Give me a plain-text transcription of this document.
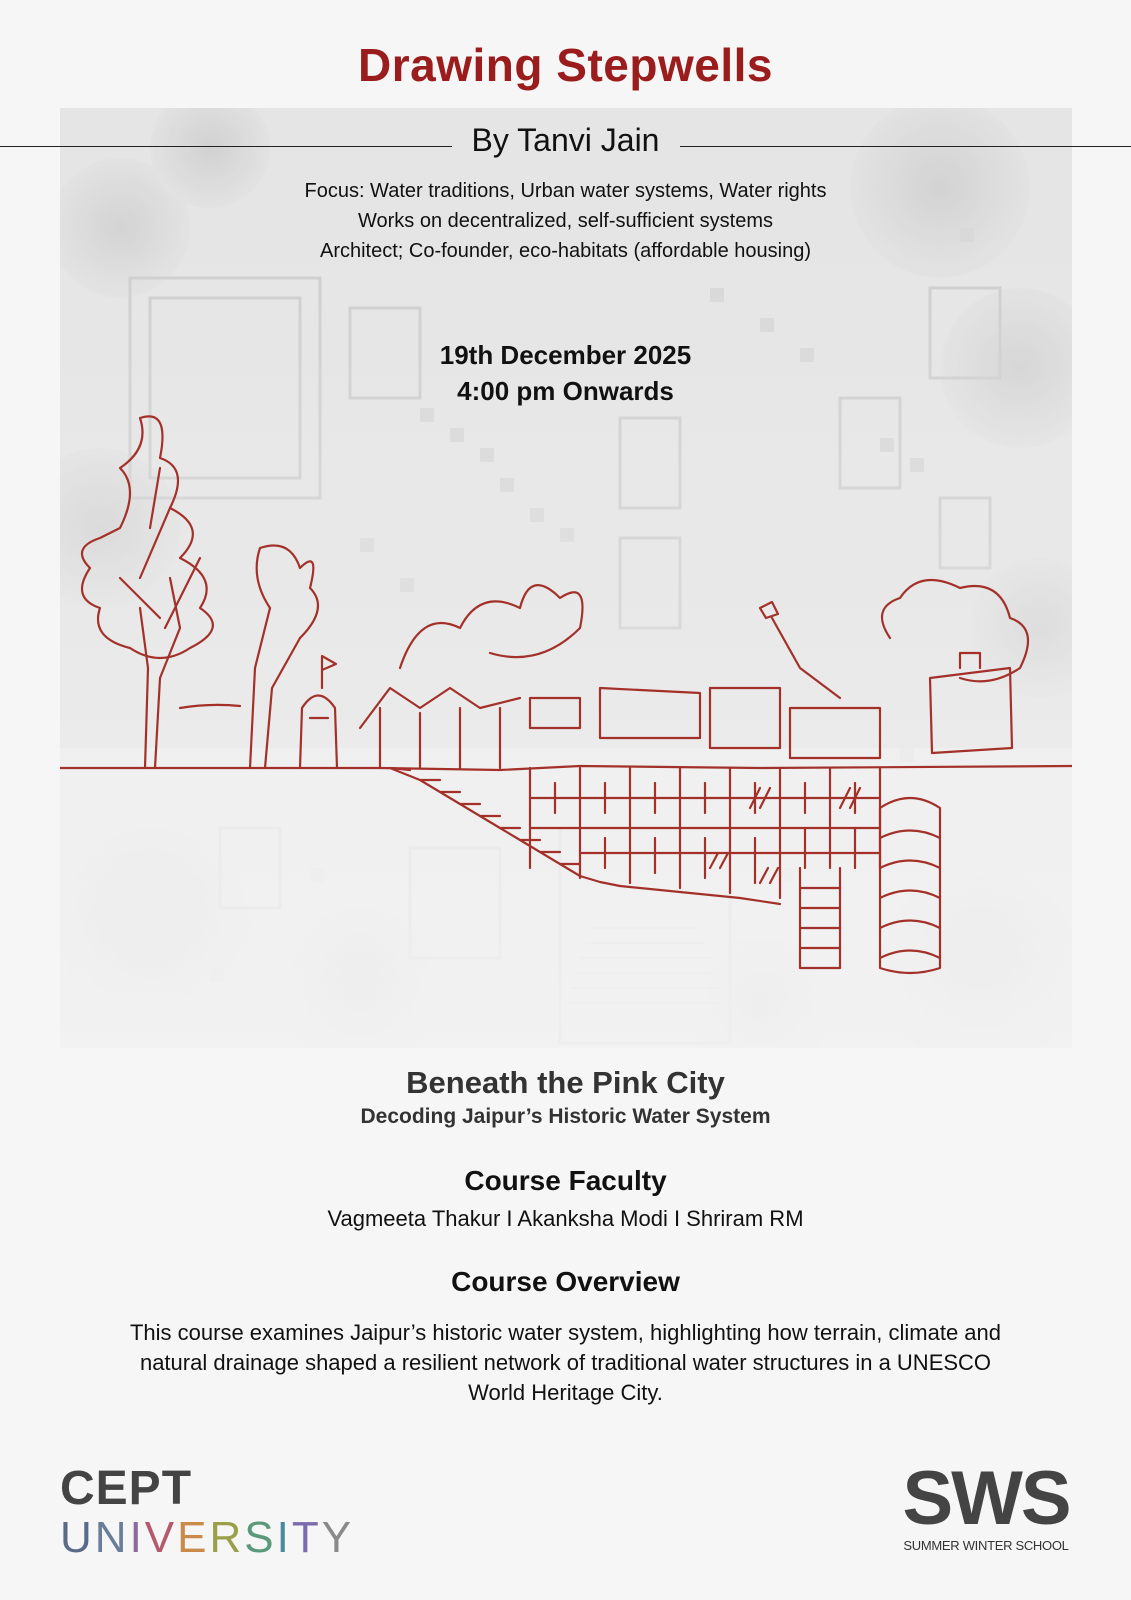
Drawing Stepwells
By Tanvi Jain
Focus: Water traditions, Urban water systems, Water rights
Works on decentralized, self-sufficient systems
Architect; Co-founder, eco-habitats (affordable housing)
19th December 2025
4:00 pm Onwards
Beneath the Pink City
Decoding Jaipur’s Historic Water System
Course Faculty
Vagmeeta Thakur I Akanksha Modi I Shriram RM
Course Overview
This course examines Jaipur’s historic water system, highlighting how terrain, climate and natural drainage shaped a resilient network of traditional water structures in a UNESCO World Heritage City.
CEPT
UNIVERSITY	SWS
SUMMER WINTER SCHOOL
